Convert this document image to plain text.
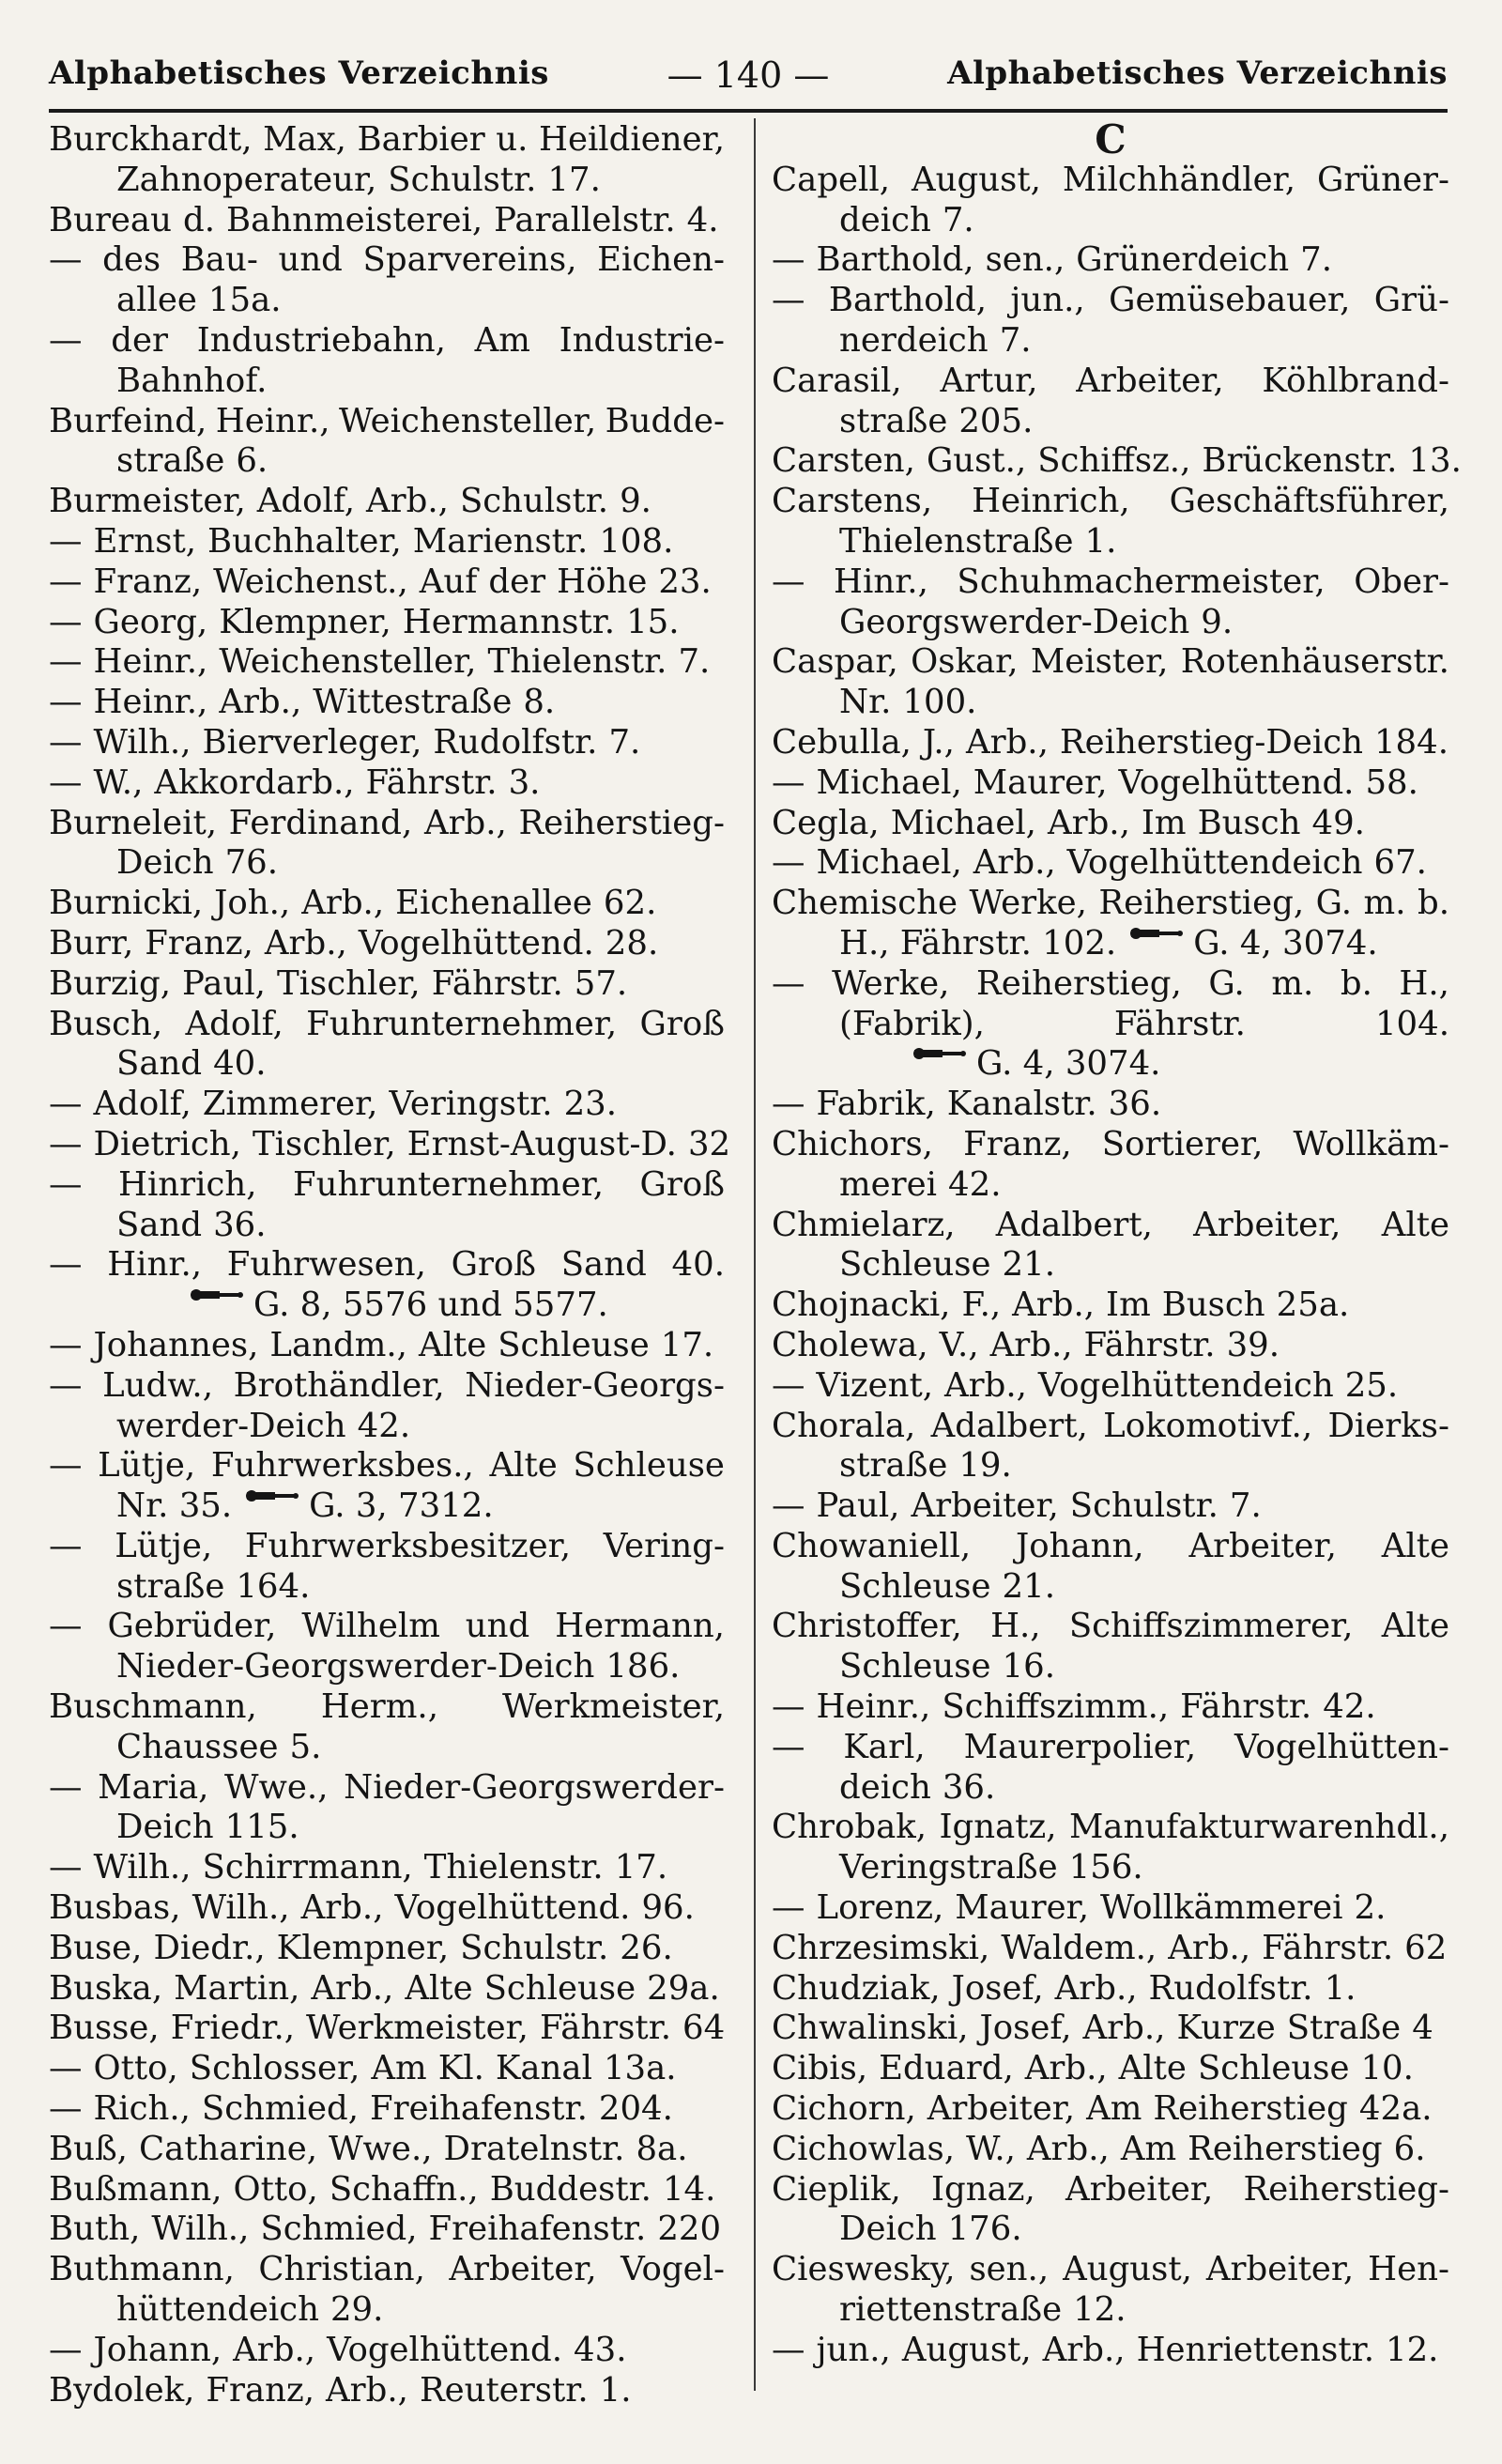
Alphabetisches Verzeichnis	— 140 —	Alphabetisches Verzeichnis
Burckhardt, Max, Barbier u. Heildiener,
Zahnoperateur, Schulstr. 17.
Bureau d. Bahnmeisterei, Parallelstr. 4.
— des Bau- und Sparvereins, Eichen-
allee 15a.
— der Industriebahn, Am Industrie-
Bahnhof.
Burfeind, Heinr., Weichensteller, Budde-
straße 6.
Burmeister, Adolf, Arb., Schulstr. 9.
— Ernst, Buchhalter, Marienstr. 108.
— Franz, Weichenst., Auf der Höhe 23.
— Georg, Klempner, Hermannstr. 15.
— Heinr., Weichensteller, Thielenstr. 7.
— Heinr., Arb., Wittestraße 8.
— Wilh., Bierverleger, Rudolfstr. 7.
— W., Akkordarb., Fährstr. 3.
Burneleit, Ferdinand, Arb., Reiherstieg-
Deich 76.
Burnicki, Joh., Arb., Eichenallee 62.
Burr, Franz, Arb., Vogelhüttend. 28.
Burzig, Paul, Tischler, Fährstr. 57.
Busch, Adolf, Fuhrunternehmer, Groß
Sand 40.
— Adolf, Zimmerer, Veringstr. 23.
— Dietrich, Tischler, Ernst-August-D. 32
— Hinrich, Fuhrunternehmer, Groß
Sand 36.
— Hinr., Fuhrwesen, Groß Sand 40.
G. 8, 5576 und 5577.
— Johannes, Landm., Alte Schleuse 17.
— Ludw., Brothändler, Nieder-Georgs-
werder-Deich 42.
— Lütje, Fuhrwerksbes., Alte Schleuse
Nr. 35. G. 3, 7312.
— Lütje, Fuhrwerksbesitzer, Vering-
straße 164.
— Gebrüder, Wilhelm und Hermann,
Nieder-Georgswerder-Deich 186.
Buschmann, Herm., Werkmeister,
Chaussee 5.
— Maria, Wwe., Nieder-Georgswerder-
Deich 115.
— Wilh., Schirrmann, Thielenstr. 17.
Busbas, Wilh., Arb., Vogelhüttend. 96.
Buse, Diedr., Klempner, Schulstr. 26.
Buska, Martin, Arb., Alte Schleuse 29a.
Busse, Friedr., Werkmeister, Fährstr. 64
— Otto, Schlosser, Am Kl. Kanal 13a.
— Rich., Schmied, Freihafenstr. 204.
Buß, Catharine, Wwe., Dratelnstr. 8a.
Bußmann, Otto, Schaffn., Buddestr. 14.
Buth, Wilh., Schmied, Freihafenstr. 220
Buthmann, Christian, Arbeiter, Vogel-
hüttendeich 29.
— Johann, Arb., Vogelhüttend. 43.
Bydolek, Franz, Arb., Reuterstr. 1.
C
Capell, August, Milchhändler, Grüner-
deich 7.
— Barthold, sen., Grünerdeich 7.
— Barthold, jun., Gemüsebauer, Grü-
nerdeich 7.
Carasil, Artur, Arbeiter, Köhlbrand-
straße 205.
Carsten, Gust., Schiffsz., Brückenstr. 13.
Carstens, Heinrich, Geschäftsführer,
Thielenstraße 1.
— Hinr., Schuhmachermeister, Ober-
Georgswerder-Deich 9.
Caspar, Oskar, Meister, Rotenhäuserstr.
Nr. 100.
Cebulla, J., Arb., Reiherstieg-Deich 184.
— Michael, Maurer, Vogelhüttend. 58.
Cegla, Michael, Arb., Im Busch 49.
— Michael, Arb., Vogelhüttendeich 67.
Chemische Werke, Reiherstieg, G. m. b.
H., Fährstr. 102. G. 4, 3074.
— Werke, Reiherstieg, G. m. b. H.,
(Fabrik),	Fährstr.	104.
G. 4, 3074.
— Fabrik, Kanalstr. 36.
Chichors, Franz, Sortierer, Wollkäm-
merei 42.
Chmielarz, Adalbert, Arbeiter, Alte
Schleuse 21.
Chojnacki, F., Arb., Im Busch 25a.
Cholewa, V., Arb., Fährstr. 39.
— Vizent, Arb., Vogelhüttendeich 25.
Chorala, Adalbert, Lokomotivf., Dierks-
straße 19.
— Paul, Arbeiter, Schulstr. 7.
Chowaniell, Johann, Arbeiter, Alte
Schleuse 21.
Christoffer, H., Schiffszimmerer, Alte
Schleuse 16.
— Heinr., Schiffszimm., Fährstr. 42.
— Karl, Maurerpolier, Vogelhütten-
deich 36.
Chrobak, Ignatz, Manufakturwarenhdl.,
Veringstraße 156.
— Lorenz, Maurer, Wollkämmerei 2.
Chrzesimski, Waldem., Arb., Fährstr. 62
Chudziak, Josef, Arb., Rudolfstr. 1.
Chwalinski, Josef, Arb., Kurze Straße 4
Cibis, Eduard, Arb., Alte Schleuse 10.
Cichorn, Arbeiter, Am Reiherstieg 42a.
Cichowlas, W., Arb., Am Reiherstieg 6.
Cieplik, Ignaz, Arbeiter, Reiherstieg-
Deich 176.
Cieswesky, sen., August, Arbeiter, Hen-
riettenstraße 12.
— jun., August, Arb., Henriettenstr. 12.
